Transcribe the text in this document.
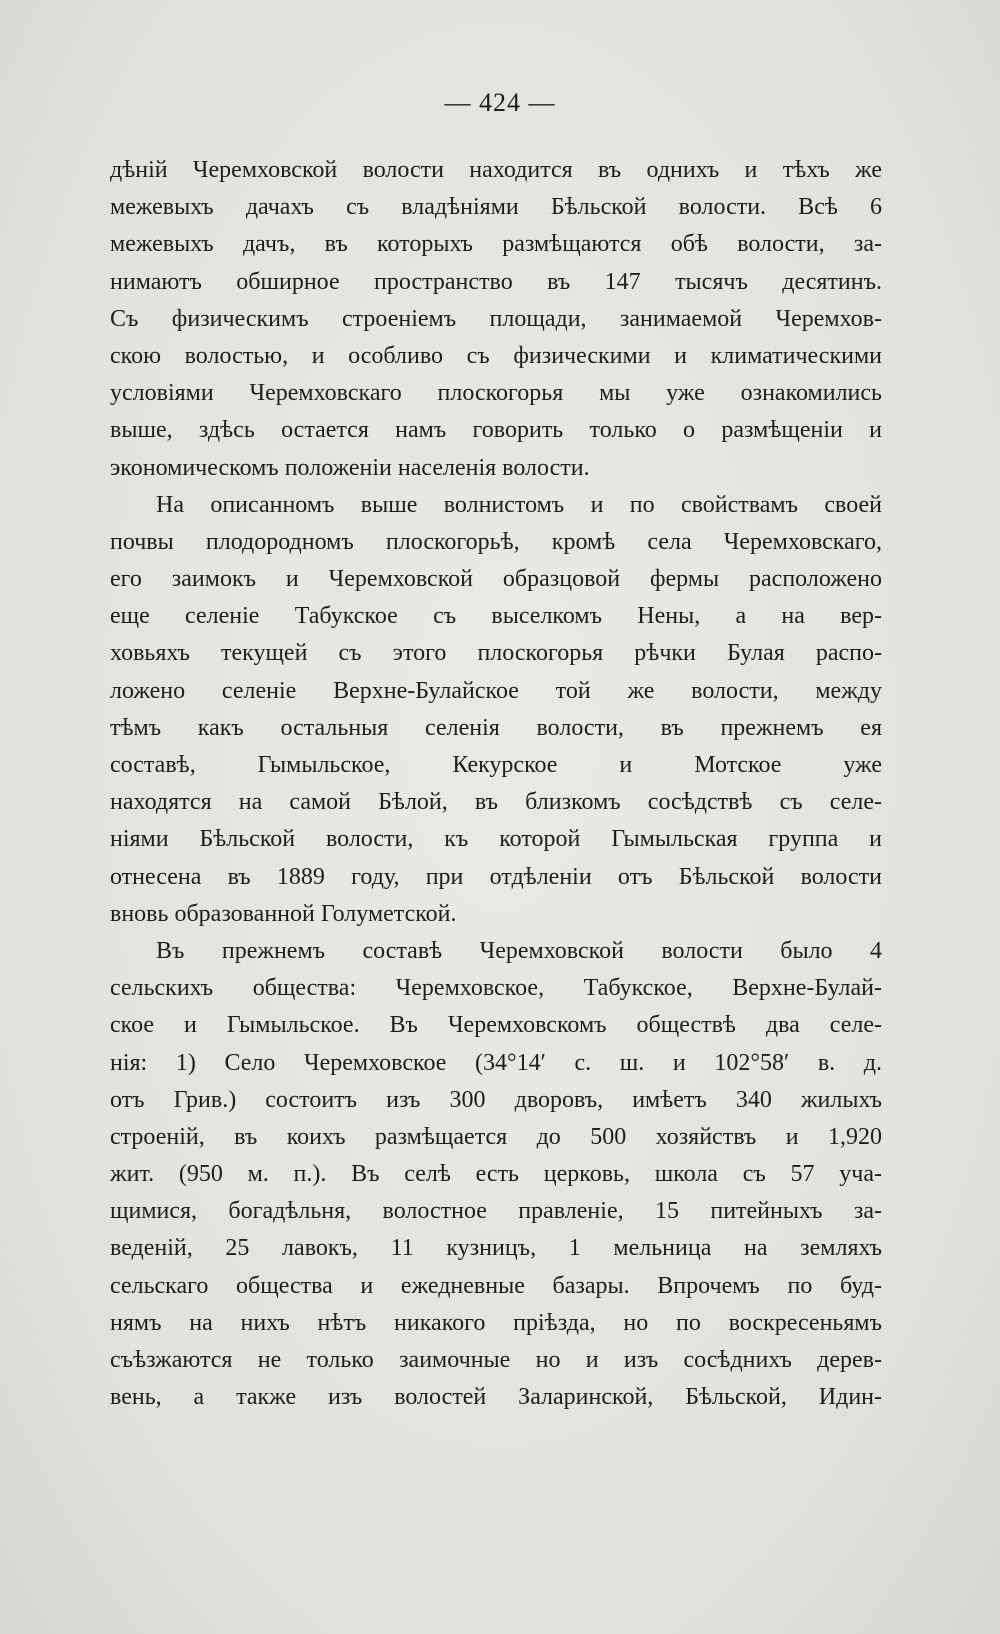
— 424 —
дѣній Черемховской волости находится въ однихъ и тѣхъ же
межевыхъ дачахъ съ владѣніями Бѣльской волости. Всѣ 6
межевыхъ дачъ, въ которыхъ размѣщаются обѣ волости, за-
нимаютъ обширное пространство въ 147 тысячъ десятинъ.
Съ физическимъ строеніемъ площади, занимаемой Черемхов-
скою волостью, и особливо съ физическими и климатическими
условіями Черемховскаго плоскогорья мы уже ознакомились
выше, здѣсь остается намъ говорить только о размѣщеніи и
экономическомъ положеніи населенія волости.
На описанномъ выше волнистомъ и по свойствамъ своей
почвы плодородномъ плоскогорьѣ, кромѣ села Черемховскаго,
его заимокъ и Черемховской образцовой фермы расположено
еще селеніе Табукское съ выселкомъ Нены, а на вер-
ховьяхъ текущей съ этого плоскогорья рѣчки Булая распо-
ложено селеніе Верхне-Булайское той же волости, между
тѣмъ какъ остальныя селенія волости, въ прежнемъ ея
составѣ, Гымыльское, Кекурское и Мотское уже
находятся на самой Бѣлой, въ близкомъ сосѣдствѣ съ селе-
ніями Бѣльской волости, къ которой Гымыльская группа и
отнесена въ 1889 году, при отдѣленіи отъ Бѣльской волости
вновь образованной Голуметской.
Въ прежнемъ составѣ Черемховской волости было 4
сельскихъ общества: Черемховское, Табукское, Верхне-Булай-
ское и Гымыльское. Въ Черемховскомъ обществѣ два селе-
нія: 1) Село Черемховское (34°14′ с. ш. и 102°58′ в. д.
отъ Грив.) состоитъ изъ 300 дворовъ, имѣетъ 340 жилыхъ
строеній, въ коихъ размѣщается до 500 хозяйствъ и 1,920
жит. (950 м. п.). Въ селѣ есть церковь, школа съ 57 уча-
щимися, богадѣльня, волостное правленіе, 15 питейныхъ за-
веденій, 25 лавокъ, 11 кузницъ, 1 мельница на земляхъ
сельскаго общества и ежедневные базары. Впрочемъ по буд-
нямъ на нихъ нѣтъ никакого пріѣзда, но по воскресеньямъ
съѣзжаются не только заимочные но и изъ сосѣднихъ дерев-
вень, а также изъ волостей Заларинской, Бѣльской, Идин-
